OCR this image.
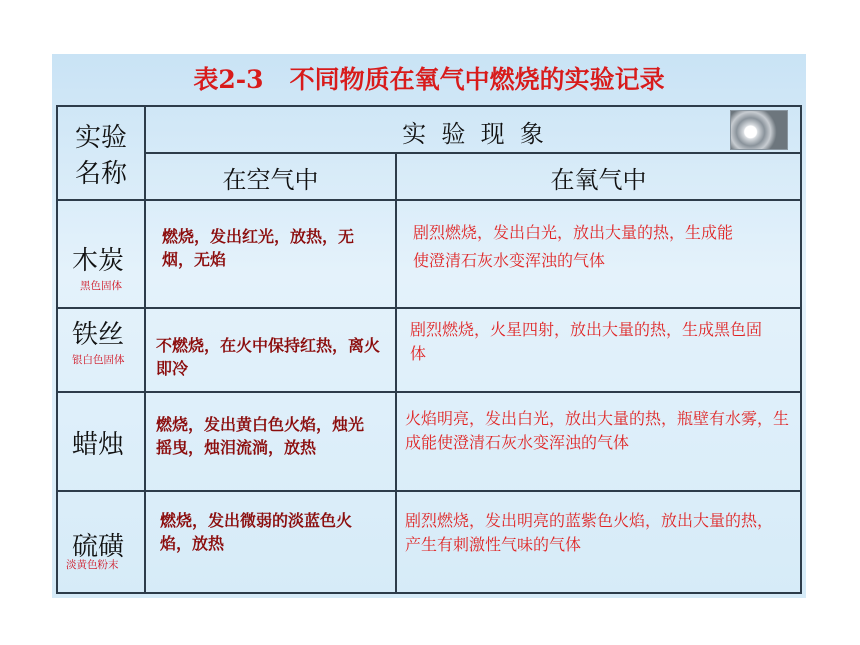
表2-3   不同物质在氧气中燃烧的实验记录
实验
名称
实  验  现  象
在空气中	在氧气中
木炭
黑色固体
燃烧，发出红光，放热，无烟，无焰
剧烈燃烧，发出白光，放出大量的热，生成能使澄清石灰水变浑浊的气体
铁丝
银白色固体
不燃烧，在火中保持红热，离火即冷
剧烈燃烧，火星四射，放出大量的热，生成黑色固体
蜡烛
燃烧，发出黄白色火焰，烛光摇曳，烛泪流淌，放热
火焰明亮，发出白光，放出大量的热，瓶壁有水雾，生成能使澄清石灰水变浑浊的气体
硫磺
淡黄色粉末
燃烧，发出微弱的淡蓝色火焰，放热
剧烈燃烧，发出明亮的蓝紫色火焰，放出大量的热，产生有刺激性气味的气体
